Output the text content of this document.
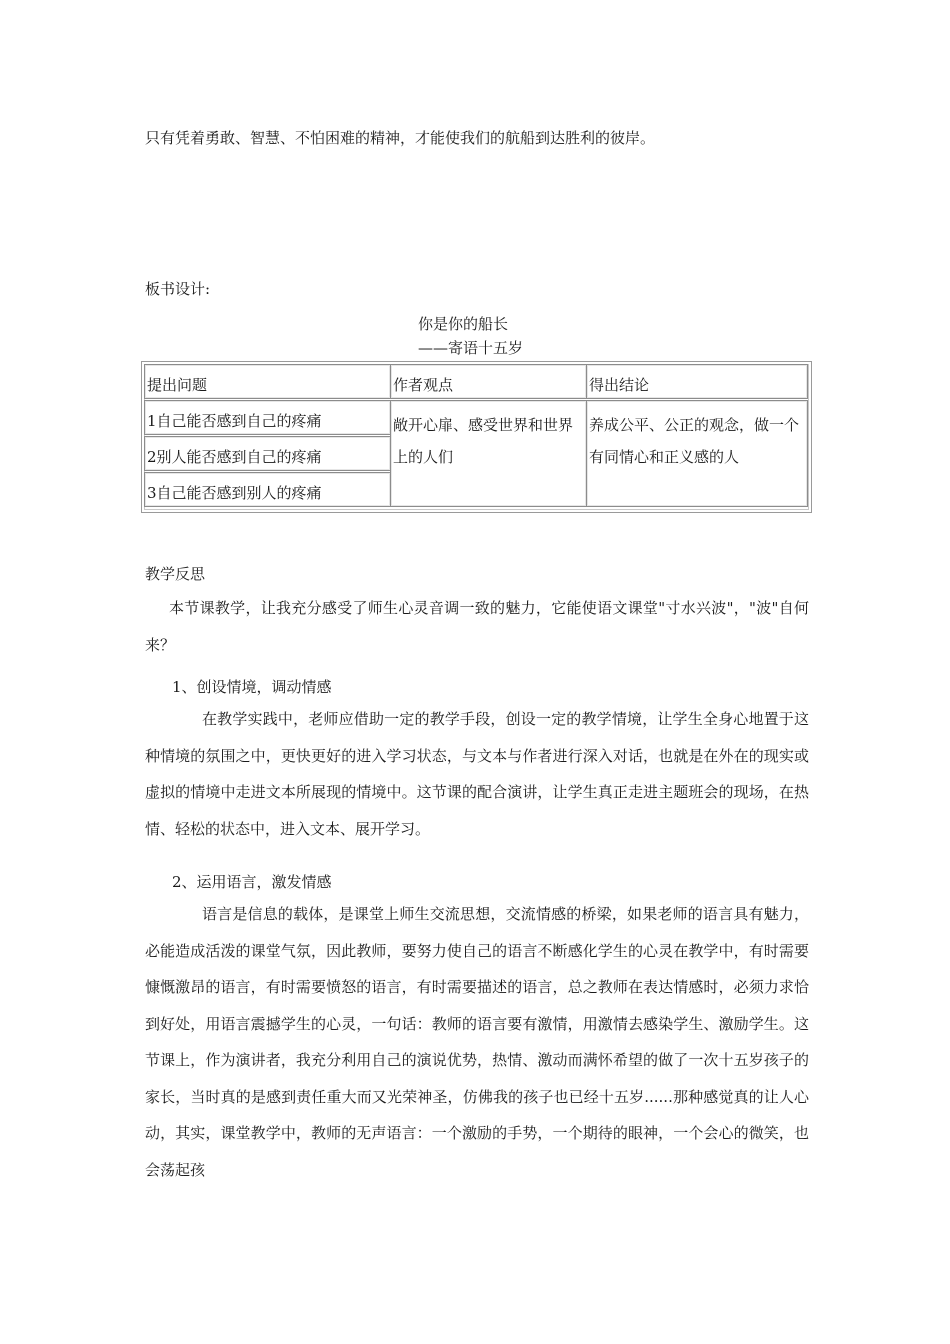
只有凭着勇敢、智慧、不怕困难的精神，才能使我们的航船到达胜利的彼岸。
板书设计:
你是你的船长
——寄语十五岁
提出问题	作者观点	得出结论
1自己能否感到自己的疼痛
2别人能否感到自己的疼痛
3自己能否感到别人的疼痛
敞开心扉、感受世界和世界上的人们
养成公平、公正的观念，做一个有同情心和正义感的人
教学反思
本节课教学，让我充分感受了师生心灵音调一致的魅力，它能使语文课堂"寸水兴波"，"波"自何来？
1、创设情境，调动情感
在教学实践中，老师应借助一定的教学手段，创设一定的教学情境，让学生全身心地置于这种情境的氛围之中，更快更好的进入学习状态，与文本与作者进行深入对话，也就是在外在的现实或虚拟的情境中走进文本所展现的情境中。这节课的配合演讲，让学生真正走进主题班会的现场，在热情、轻松的状态中，进入文本、展开学习。
2、运用语言，激发情感
语言是信息的载体，是课堂上师生交流思想，交流情感的桥梁，如果老师的语言具有魅力，必能造成活泼的课堂气氛，因此教师，要努力使自己的语言不断感化学生的心灵在教学中，有时需要慷慨激昂的语言，有时需要愤怒的语言，有时需要描述的语言，总之教师在表达情感时，必须力求恰到好处，用语言震撼学生的心灵，一句话：教师的语言要有激情，用激情去感染学生、激励学生。这节课上，作为演讲者，我充分利用自己的演说优势，热情、激动而满怀希望的做了一次十五岁孩子的家长，当时真的是感到责任重大而又光荣神圣，仿佛我的孩子也已经十五岁......那种感觉真的让人心动，其实，课堂教学中，教师的无声语言：一个激励的手势，一个期待的眼神，一个会心的微笑，也会荡起孩
